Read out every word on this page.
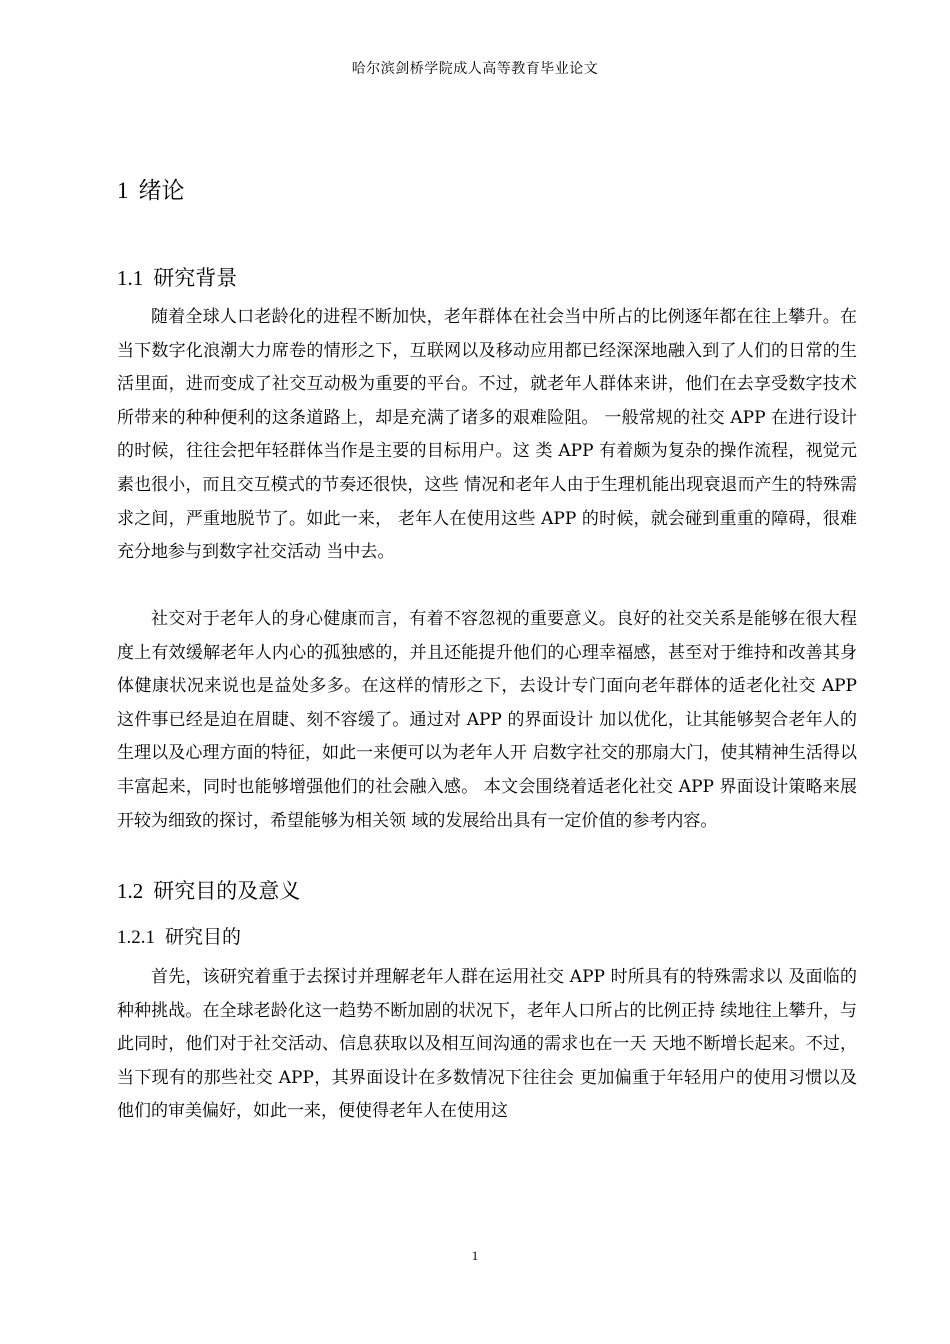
哈尔滨剑桥学院成人高等教育毕业论文
1 绪论
1.1 研究背景
随着全球人口老龄化的进程不断加快，老年群体在社会当中所占的比例逐年都在往上攀升。在当下数字化浪潮大力席卷的情形之下，互联网以及移动应用都已经深深地融入到了人们的日常的生活里面，进而变成了社交互动极为重要的平台。不过，就老年人群体来讲，他们在去享受数字技术所带来的种种便利的这条道路上，却是充满了诸多的艰难险阻。 一般常规的社交 APP 在进行设计的时候，往往会把年轻群体当作是主要的目标用户。这 类 APP 有着颇为复杂的操作流程，视觉元素也很小，而且交互模式的节奏还很快，这些 情况和老年人由于生理机能出现衰退而产生的特殊需求之间，严重地脱节了。如此一来， 老年人在使用这些 APP 的时候，就会碰到重重的障碍，很难充分地参与到数字社交活动 当中去。
社交对于老年人的身心健康而言，有着不容忽视的重要意义。良好的社交关系是能够在很大程度上有效缓解老年人内心的孤独感的，并且还能提升他们的心理幸福感，甚至对于维持和改善其身体健康状况来说也是益处多多。在这样的情形之下，去设计专门面向老年群体的适老化社交 APP 这件事已经是迫在眉睫、刻不容缓了。通过对 APP 的界面设计 加以优化，让其能够契合老年人的生理以及心理方面的特征，如此一来便可以为老年人开 启数字社交的那扇大门，使其精神生活得以丰富起来，同时也能够增强他们的社会融入感。 本文会围绕着适老化社交 APP 界面设计策略来展开较为细致的探讨，希望能够为相关领 域的发展给出具有一定价值的参考内容。
1.2 研究目的及意义
1.2.1 研究目的
首先，该研究着重于去探讨并理解老年人群在运用社交 APP 时所具有的特殊需求以 及面临的种种挑战。在全球老龄化这一趋势不断加剧的状况下，老年人口所占的比例正持 续地往上攀升，与此同时，他们对于社交活动、信息获取以及相互间沟通的需求也在一天 天地不断增长起来。不过，当下现有的那些社交 APP，其界面设计在多数情况下往往会 更加偏重于年轻用户的使用习惯以及他们的审美偏好，如此一来，便使得老年人在使用这
1
